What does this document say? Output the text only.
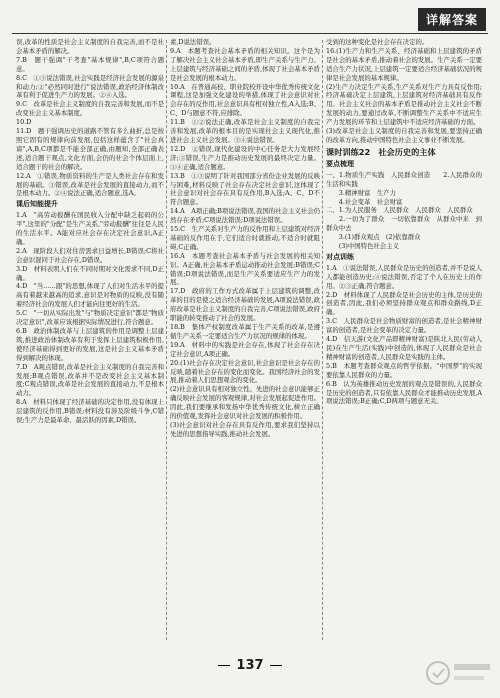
详解答案

误,改革的性质是社会主义制度的自我完善,而不是社会基本矛盾的解决。

7.B　题干强调"干考査"基本规律",B,C项符合题意。

8.C　①③说法错误,社会实践是经济社会发展的源泉和动力;②"必然同时进行"说法错误,政治经济体制改革有利于促进生产力的发展。②④入选。

9.C　改革是社会主义制度的自我完善和发展,而不是改变社会主义基本制度。

10.D

11.D　题干强调历史的道路不管有多么曲折,总是按照它固有的规律向前发展,包括这样蕴含了"社会真谛",A,B,C项都是不能全部正确,由题知,全部正确表述,适合题干观点,文化方面,会仍的社会个体层面上,适合题干的社会的解决。

12.A　①错误,物质资料的生产是人类社会存在和发展的基础。③错误,改革是社会发展的直接动力,而不是根本动力。②④说法正确,适合题意,选A。

课后知能提升

1.A　"高劳动报酬在国民收入分配中缺乏起码的公平",这里的"分配"是生产关系,"劳动报酬"往往是人民的生活水平。A能对应社会存在决定社会意识,A正确。

2.A　现阶段人们对住房需求日益增长,B错误;C将社会意识混同于社会存在,D错误。

3.D　材料表明人们在不同时期对文化需求不同,D正确。

4.D　"当……跟"的思想,体现了人们对生活水平的提高有着越来越高的追求,意识是对物质的反映,没有随着经济社会的发展人们才能向往更好的生活。

5.C　"一切从实际出发"与"物质决定意识"都是"物质决定意识",改革应该根据实际情况进行,符合题意。

6.B　政治体制改革与上层建筑的作用是调整上层建筑,推进政治体制改革有利于发挥上层建筑积极作用,使经济基础得到更好的发展,这是社会主义基本矛盾得到解决的体现。

7.D　A观点错误,改革是社会主义制度的自我完善和发展;B观点错误,改革并不是改变社会主义基本制度;C观点错误,改革是社会发展的直接动力,不是根本动力。

8.A　材料只体现了经济基础的决定作用,没有体现上层建筑的反作用,B错误;材料没有涉及阶级斗争,C错误;生产力是最革命、最活跃的因素,D错误。

素,D说法错误。

9.A　本题考查社会基本矛盾的相关知识。这个是为了解决社会主义社会基本矛盾,即生产关系与生产力、上层建筑与经济基础之间的矛盾,体现了社会基本矛盾是社会发展的根本动力。

10.A　在普通高校、职业院校开设中华优秀传统文化课程,这是加强文化建设的举措,体现了社会意识对社会存在的反作用,社会意识具有相对独立性,A入选;B、C、D与题意不符,应排除。

11.B　①②说法正确,改革是社会主义制度的自我完善和发展,改革的根本目的是实现社会主义现代化,推进社会主义社会发展。③④说法错误。

12.D　②错误,现代化建设的中心任务是大力发展经济;③错误,生产力是推动历史发展的最终决定力量。①④正确,适合题意。

13.B　①③说明了针对我国部分省份企业发展的反映与困难,材料反映了社会存在决定社会意识,这体现了社会意识对社会存在具有反作用,B入选;A、C、D不符合题意。

14.A　A项正确;B项说法错误,我国的社会主义社会仍然存在矛盾;C项说法错误;D项说法错误。

15.C　生产关系对生产力的反作用和上层建筑对经济基础的反作用在于,它们适合时就推动,不适合时就阻碍,C正确。

16.A　本题考查社会基本矛盾与社会发展的相关知识。A正确,社会基本矛盾运动推动社会发展;B错误;C错误;D项说法错误,而是生产关系要适应生产力的发展。

17.D　政府的工作方式改革属于上层建筑的调整,改革的目的是使之适合经济基础的发展,A项说法错误,政府改革是社会主义制度的自我完善,C项说法错误,政府职能的转变推动了社会的发展。

18.B　集体产权制度改革属于生产关系的改革,是遵循生产关系一定要适合生产力状况的规律的体现。

19.A　材料中的实践是社会存在,体现了社会存在决定社会意识,A项正确。

20.(1)社会存在决定社会意识,社会意识是社会存在的反映,随着社会存在的变化而变化。我国经济社会的发展,推动着人们思想观念的变化。

(2)社会意识具有相对独立性。先进的社会意识能够正确反映社会发展的客观规律,对社会发展起促进作用。因此,我们要继承和发扬中华优秀传统文化,树立正确的价值观,发挥社会意识对社会发展的积极作用。

(3)社会意识对社会存在具有反作用,要求我们坚持以先进的思想指导实践,推动社会发展。

受到的这种变化是社会存在决定的。

16.(1)生产力和生产关系、经济基础和上层建筑的矛盾是社会的基本矛盾,推动着社会的发展。生产关系一定要适合生产力状况,上层建筑一定要适合经济基础状况的规律是社会发展的基本规律。

(2)生产力决定生产关系,生产关系对生产力具有反作用;经济基础决定上层建筑,上层建筑对经济基础具有反作用。社会主义社会的基本矛盾是推动社会主义社会不断发展的动力,要通过改革,不断调整生产关系中不适应生产力发展的环节和上层建筑中不适应经济基础的方面。

(3)改革是社会主义制度的自我完善和发展,要坚持正确的改革方向,推动中国特色社会主义事业不断发展。

课时训练22　社会历史的主体

要点梳理

一、1.物质生产实践　人民群众创造　　2.人民群众的生活和实践
　　3.精神财富　生产力
　　4.社会变革　社会财富

二、1.为人民服务　人民群众　人民群众　人民群众
　　2.一切为了群众　一切依靠群众　从群众中来　到群众中去
　　3.(1)群众观点　(2)依靠群众
　　(3)中国特色社会主义

对点训练

1.A　①说法错误,人民群众是历史的创造者,并不是说人人都能创造历史;④说法错误,否定了个人在历史上的作用。②③正确,符合题意。

2.D　材料体现了人民群众是社会历史的主体,是历史的创造者,因此,我们必须坚持群众观点和群众路线,D正确。

3.C　人民群众是社会物质财富的创造者,是社会精神财富的创造者,是社会变革的决定力量。

4.D　信天游(文化产品即精神财富)是陕北人民(劳动人民)在生产生活(实践)中创造的,体现了人民群众是社会精神财富的创造者,人民群众是实践的主体。

5.B　本题考查群众观点的哲学依据。"中国梦"的实现要依靠人民群众的力量。

6.B　认为英雄推动历史发展的观点是错误的,人民群众是历史的创造者,只有依靠人民群众才能推动历史发展,A项说法错误;B正确;C,D两项与题意无关。

137
